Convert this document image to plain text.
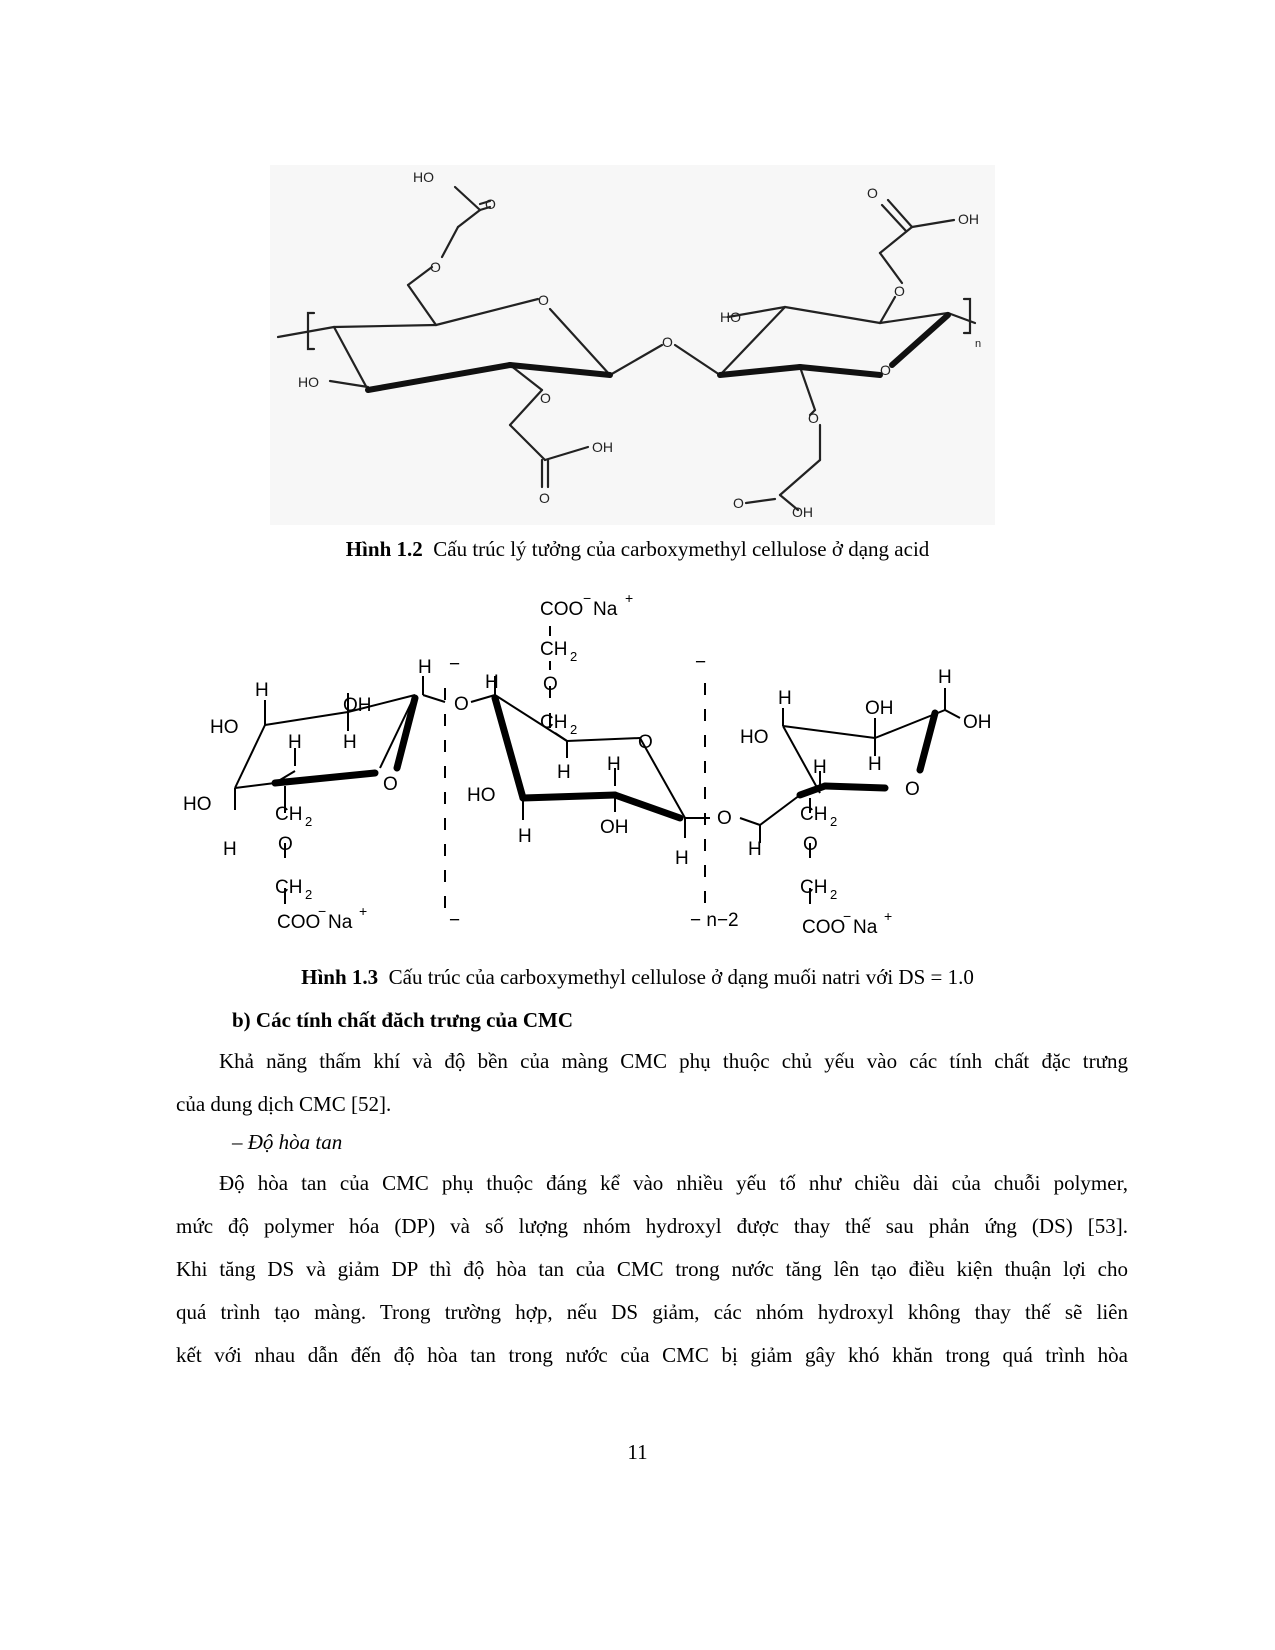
HO
O
O
O
HO
O
OH
O
O
OH
HO
O
O
O
OH
O
O
n
Hình 1.2 Cấu trúc lý tưởng của carboxymethyl cellulose ở dạng acid
H
HO
OH
H
H
H
O
HO	CH 2
H O
CH 2
COO
−
Na
+
O
COO
−
Na
+
CH 2
O
H
CH 2
O
H H
HO
H	OH
H
O
H
HO
OH
H
OH
H
H
O
H
CH 2
O
CH 2
COO
−
Na
+
−	−
−	− n−2
Hình 1.3 Cấu trúc của carboxymethyl cellulose ở dạng muối natri với DS = 1.0
b) Các tính chất đăch trưng của CMC
Khả năng thấm khí và độ bền của màng CMC phụ thuộc chủ yếu vào các tính chất đặc trưng
của dung dịch CMC [52].
– Độ hòa tan
Độ hòa tan của CMC phụ thuộc đáng kể vào nhiều yếu tố như chiều dài của chuỗi polymer,
mức độ polymer hóa (DP) và số lượng nhóm hydroxyl được thay thế sau phản ứng (DS) [53].
Khi tăng DS và giảm DP thì độ hòa tan của CMC trong nước tăng lên tạo điều kiện thuận lợi cho
quá trình tạo màng. Trong trường hợp, nếu DS giảm, các nhóm hydroxyl không thay thế sẽ liên
kết với nhau dẫn đến độ hòa tan trong nước của CMC bị giảm gây khó khăn trong quá trình hòa
11
